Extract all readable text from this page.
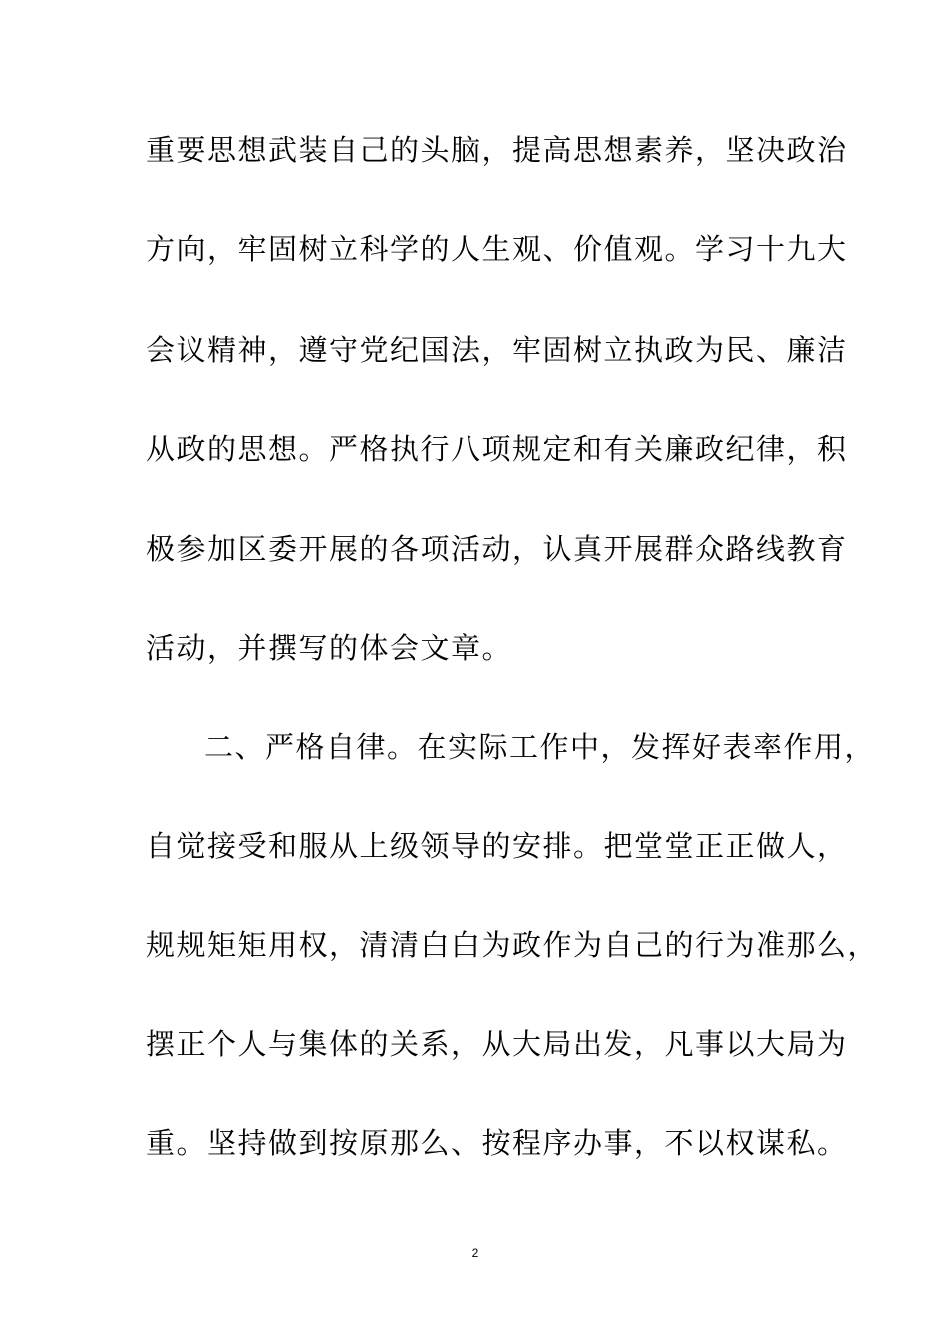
重要思想武装自己的头脑，提高思想素养，坚决政治
方向，牢固树立科学的人生观、价值观。学习十九大
会议精神，遵守党纪国法，牢固树立执政为民、廉洁
从政的思想。严格执行八项规定和有关廉政纪律，积
极参加区委开展的各项活动，认真开展群众路线教育
活动，并撰写的体会文章。
二、严格自律。在实际工作中，发挥好表率作用，
自觉接受和服从上级领导的安排。把堂堂正正做人，
规规矩矩用权，清清白白为政作为自己的行为准那么，
摆正个人与集体的关系，从大局出发，凡事以大局为
重。坚持做到按原那么、按程序办事，不以权谋私。
2
